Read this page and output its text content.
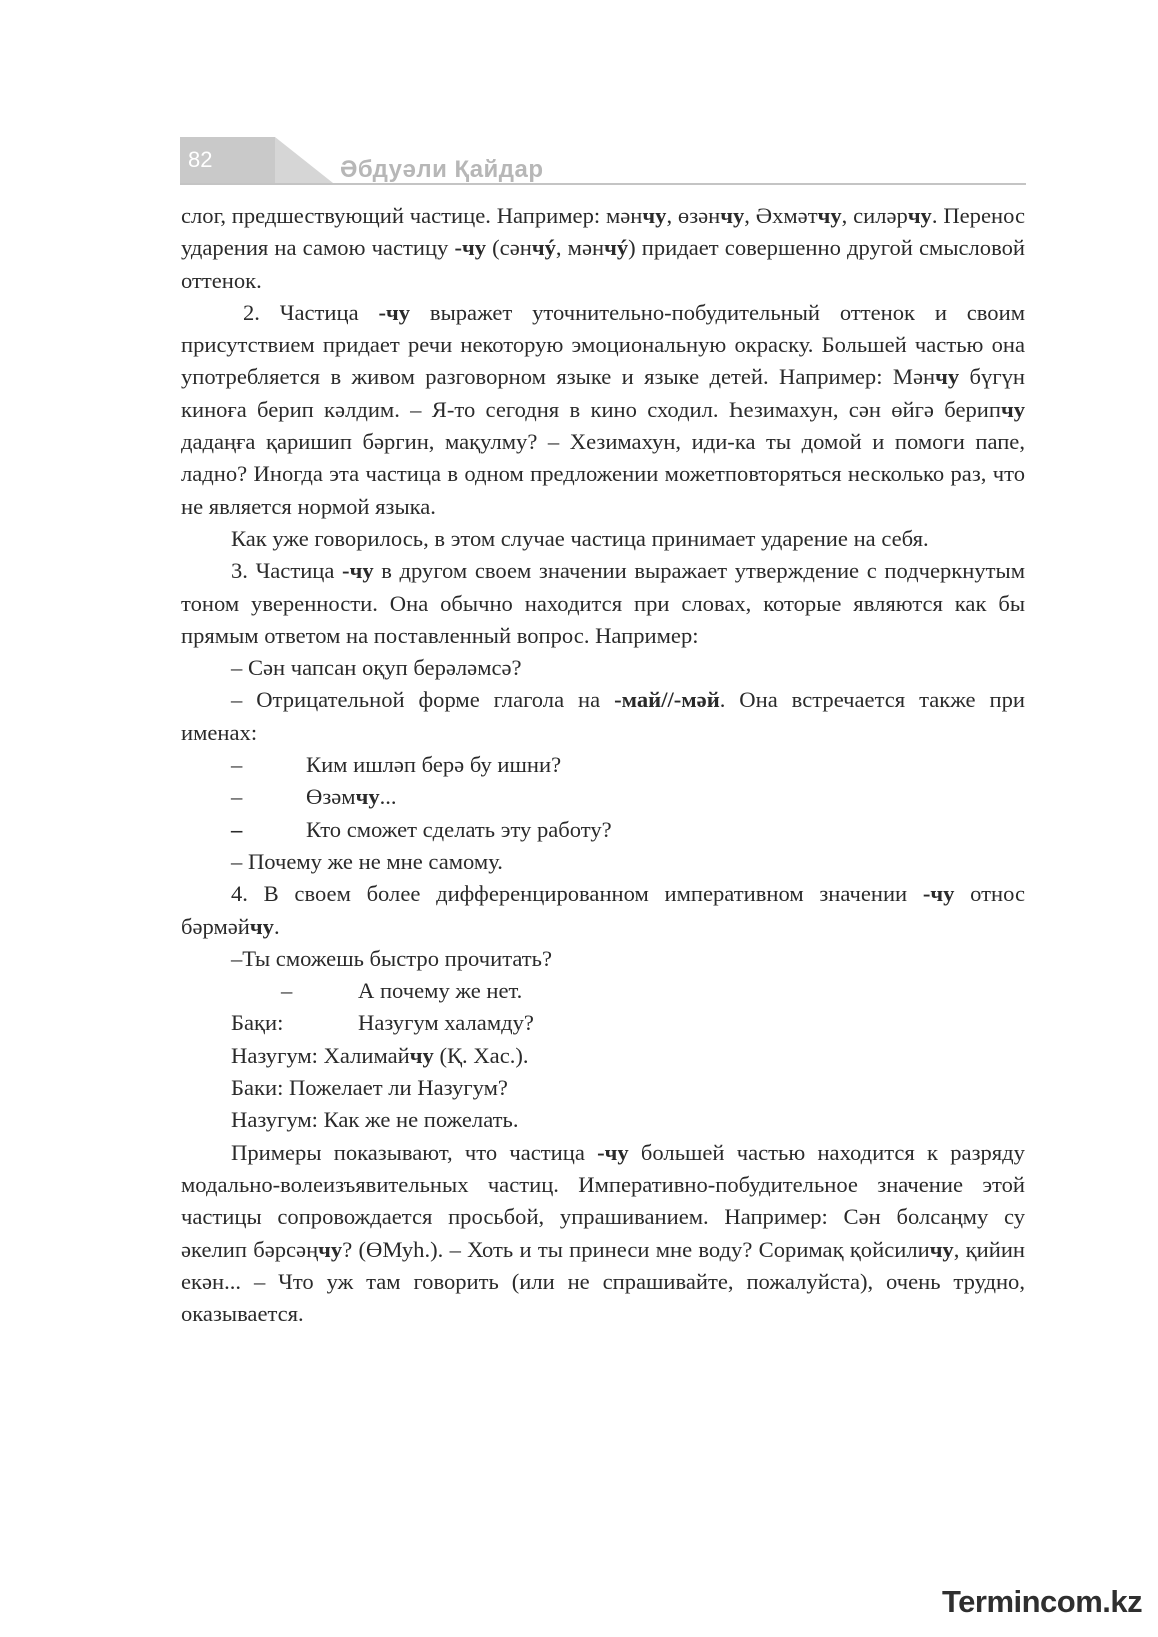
82	Әбдуәли Қайдар

слог, предшествующий частице. Например: мәнчу, өзәнчу, Әхмәтчу, силәрчу. Перенос ударения на самою частицу -чу (сәнчý, мәнчý) придает совершенно другой смысловой оттенок.

2. Частица -чу выражет уточнительно-побудительный оттенок и своим присутствием придает речи некоторую эмоциональную окраску. Большей частью она употребляется в живом разговорном языке и языке детей. Например: Мәнчу бүгүн киноға берип кәлдим. – Я-то сегодня в кино сходил. Һезимахун, сән өйгә берипчу дадаңға қаришип бәргин, мақулму? – Хезимахун, иди-ка ты домой и помоги папе, ладно? Иногда эта частица в одном предложении можетповторяться несколько раз, что не является нормой языка.

Как уже говорилось, в этом случае частица принимает ударение на себя.

3. Частица -чу в другом своем значении выражает утверждение с подчеркнутым тоном уверенности. Она обычно находится при словах, которые являются как бы прямым ответом на поставленный вопрос. Например:

– Сән чапсан оқуп берәләмсә?

– Отрицательной форме глагола на -май//-мәй. Она встречается также при именах:

–	Ким ишләп берә бу ишни?
–	Өзәмчу...
–	Кто сможет сделать эту работу?

– Почему же не мне самому.

4. В своем более дифференцированном императивном значении -чу относ бәрмәйчу.

–Ты сможешь быстро прочитать?

–	А почему же нет.
Бақи:	Назугум халамду?

Назугум: Халимайчу (Қ. Хас.).

Баки: Пожелает ли Назугум?

Назугум: Как же не пожелать.

Примеры показывают, что частица -чу большей частью находится к разряду модально-волеизъявительных частиц. Императивно-побудительное значение этой частицы сопровождается просьбой, упрашиванием. Например: Сән болсаңму су әкелип бәрсәңчу? (ӨМуһ.). – Хоть и ты принеси мне воду? Соримақ қойсиличу, қийин екән... – Что уж там говорить (или не спрашивайте, пожалуйста), очень трудно, оказывается.

Termincom.kz
